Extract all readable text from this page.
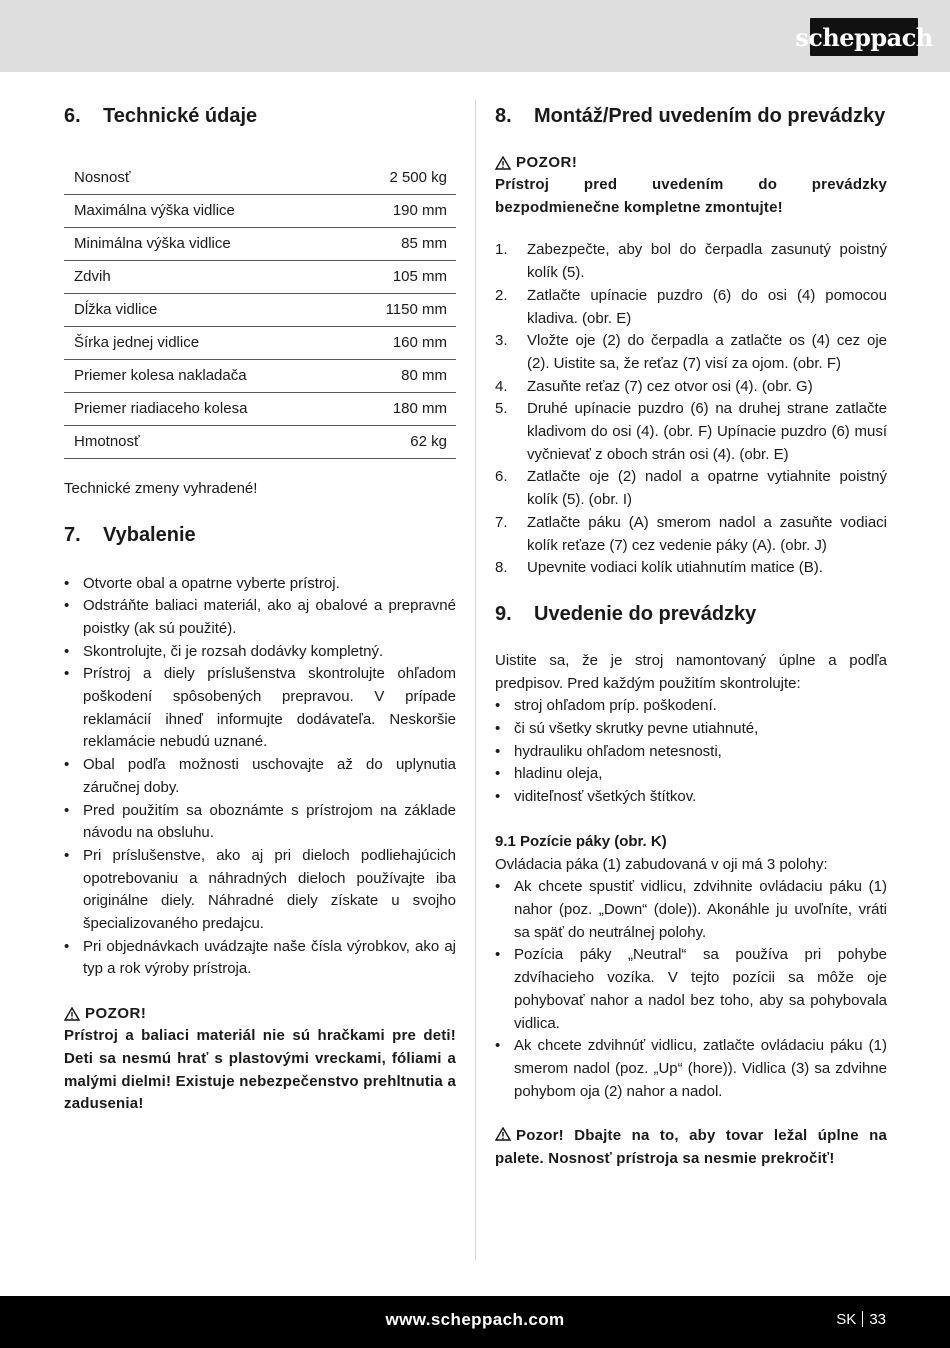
scheppach
6.	Technické údaje
Nosnosť	2 500 kg
Maximálna výška vidlice	190 mm
Minimálna výška vidlice	85 mm
Zdvih	105 mm
Dĺžka vidlice	1150 mm
Šírka jednej vidlice	160 mm
Priemer kolesa nakladača	80 mm
Priemer riadiaceho kolesa	180 mm
Hmotnosť	62 kg

Technické zmeny vyhradené!

7.	Vybalenie
• Otvorte obal a opatrne vyberte prístroj.
• Odstráňte baliaci materiál, ako aj obalové a prepravné poistky (ak sú použité).
• Skontrolujte, či je rozsah dodávky kompletný.
• Prístroj a diely príslušenstva skontrolujte ohľadom poškodení spôsobených prepravou. V prípade reklamácií ihneď informujte dodávateľa. Neskoršie reklamácie nebudú uznané.
• Obal podľa možnosti uschovajte až do uplynutia záručnej doby.
• Pred použitím sa oboznámte s prístrojom na základe návodu na obsluhu.
• Pri príslušenstve, ako aj pri dieloch podliehajúcich opotrebovaniu a náhradných dieloch používajte iba originálne diely. Náhradné diely získate u svojho špecializovaného predajcu.
• Pri objednávkach uvádzajte naše čísla výrobkov, ako aj typ a rok výroby prístroja.
POZOR!

Prístroj a baliaci materiál nie sú hračkami pre deti! Deti sa nesmú hrať s plastovými vreckami, fóliami a malými dielmi! Existuje nebezpečenstvo prehltnutia a zadusenia!

8.	Montáž/Pred uvedením do prevádzky
POZOR!

Prístroj pred uvedením do prevádzky bezpodmienečne kompletne zmontujte!

1. Zabezpečte, aby bol do čerpadla zasunutý poistný kolík (5).
2. Zatlačte upínacie puzdro (6) do osi (4) pomocou kladiva. (obr. E)
3. Vložte oje (2) do čerpadla a zatlačte os (4) cez oje (2). Uistite sa, že reťaz (7) visí za ojom. (obr. F)
4. Zasuňte reťaz (7) cez otvor osi (4). (obr. G)
5. Druhé upínacie puzdro (6) na druhej strane zatlačte kladivom do osi (4). (obr. F) Upínacie puzdro (6) musí vyčnievať z oboch strán osi (4). (obr. E)
6. Zatlačte oje (2) nadol a opatrne vytiahnite poistný kolík (5). (obr. I)
7. Zatlačte páku (A) smerom nadol a zasuňte vodiaci kolík reťaze (7) cez vedenie páky (A). (obr. J)
8. Upevnite vodiaci kolík utiahnutím matice (B).
9.	Uvedenie do prevádzky

Uistite sa, že je stroj namontovaný úplne a podľa predpisov. Pred každým použitím skontrolujte:

• stroj ohľadom príp. poškodení.
• či sú všetky skrutky pevne utiahnuté,
• hydrauliku ohľadom netesnosti,
• hladinu oleja,
• viditeľnosť všetkých štítkov.

9.1 Pozície páky (obr. K)

Ovládacia páka (1) zabudovaná v oji má 3 polohy:

• Ak chcete spustiť vidlicu, zdvihnite ovládaciu páku (1) nahor (poz. „Down“ (dole)). Akonáhle ju uvoľníte, vráti sa späť do neutrálnej polohy.
• Pozícia páky „Neutral“ sa používa pri pohybe zdvíhacieho vozíka. V tejto pozícii sa môže oje pohybovať nahor a nadol bez toho, aby sa pohybovala vidlica.
• Ak chcete zdvihnúť vidlicu, zatlačte ovládaciu páku (1) smerom nadol (poz. „Up“ (hore)). Vidlica (3) sa zdvihne pohybom oja (2) nahor a nadol.

Pozor! Dbajte na to, aby tovar ležal úplne na palete. Nosnosť prístroja sa nesmie prekročiť!

www.scheppach.com	SK 33
